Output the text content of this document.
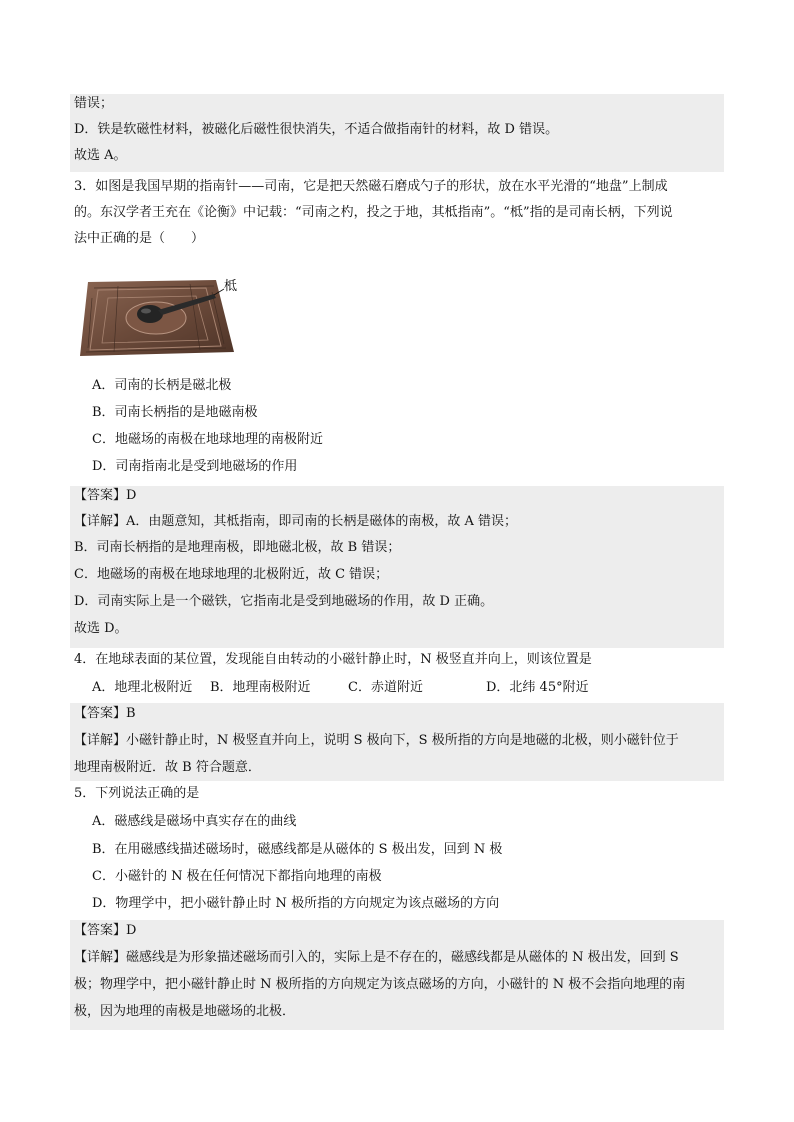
错误；
D．铁是软磁性材料，被磁化后磁性很快消失，不适合做指南针的材料，故 D 错误。
故选 A。
3．如图是我国早期的指南针——司南，它是把天然磁石磨成勺子的形状，放在水平光滑的“地盘”上制成
的。东汉学者王充在《论衡》中记载：“司南之杓，投之于地，其柢指南”。“柢”指的是司南长柄，下列说
法中正确的是（　　）
柢
A．司南的长柄是磁北极
B．司南长柄指的是地磁南极
C．地磁场的南极在地球地理的南极附近
D．司南指南北是受到地磁场的作用
【答案】D
【详解】A．由题意知，其柢指南，即司南的长柄是磁体的南极，故 A 错误；
B．司南长柄指的是地理南极，即地磁北极，故 B 错误；
C．地磁场的南极在地球地理的北极附近，故 C 错误；
D．司南实际上是一个磁铁，它指南北是受到地磁场的作用，故 D 正确。
故选 D。
4．在地球表面的某位置，发现能自由转动的小磁针静止时，N 极竖直并向上，则该位置是
A．地理北极附近 B．地理南极附近	C．赤道附近	D．北纬 45°附近
【答案】B
【详解】小磁针静止时，N 极竖直并向上，说明 S 极向下，S 极所指的方向是地磁的北极，则小磁针位于
地理南极附近．故 B 符合题意．
5．下列说法正确的是
A．磁感线是磁场中真实存在的曲线
B．在用磁感线描述磁场时，磁感线都是从磁体的 S 极出发，回到 N 极
C．小磁针的 N 极在任何情况下都指向地理的南极
D．物理学中，把小磁针静止时 N 极所指的方向规定为该点磁场的方向
【答案】D
【详解】磁感线是为形象描述磁场而引入的，实际上是不存在的，磁感线都是从磁体的 N 极出发，回到 S
极；物理学中，把小磁针静止时 N 极所指的方向规定为该点磁场的方向，小磁针的 N 极不会指向地理的南
极，因为地理的南极是地磁场的北极．
